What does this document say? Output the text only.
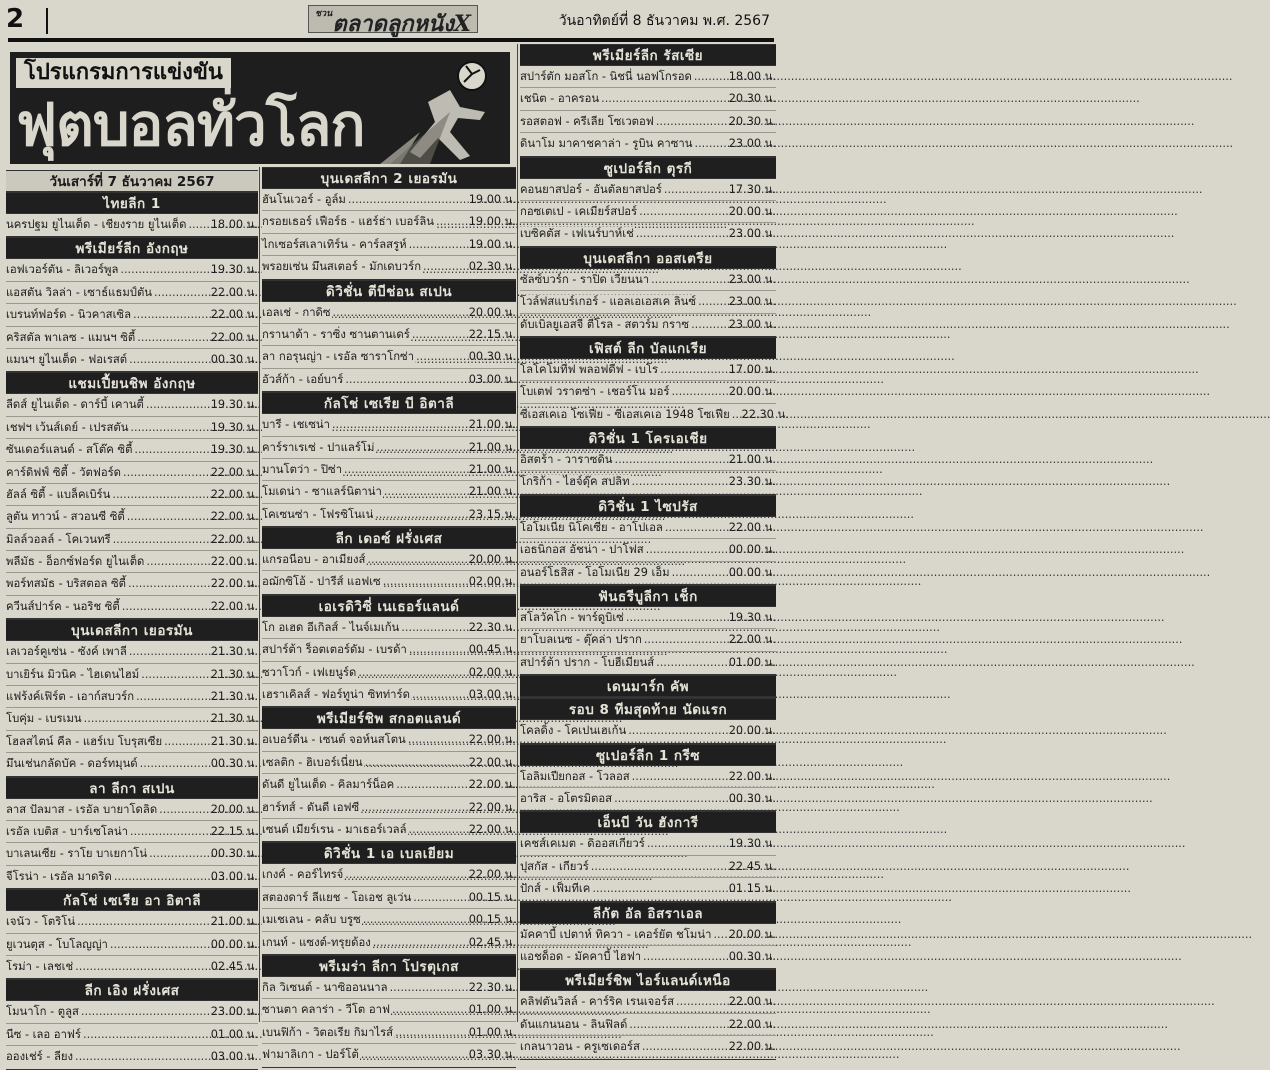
2	$^{ชวน}$ตลาดลูกหนังX	วันอาทิตย์ที่ 8 ธันวาคม พ.ศ. 2567
โปรแกรมการแข่งขัน
ฟุตบอลทั่วโลก
วันเสาร์ที่ 7 ธันวาคม 2567
ไทยลีก 1
นครปฐม ยูไนเต็ด - เชียงราย ยูไนเต็ด .....	18.00 น.
พรีเมียร์ลีก อังกฤษ
เอฟเวอร์ตัน - ลิเวอร์พูล .....	19.30 น.
แอสตัน วิลล่า - เซาธ์แธมป์ตัน .....	22.00 น.
เบรนท์ฟอร์ด - นิวคาสเซิล .....	22.00 น.
คริสตัล พาเลซ - แมนฯ ซิตี้ .....	22.00 น.
แมนฯ ยูไนเต็ด - ฟอเรสต์ .....	00.30 น.
แชมเปี้ยนชิพ อังกฤษ
ลีดส์ ยูไนเต็ด - ดาร์บี้ เคานตี้ .....	19.30 น.
เชฟฯ เว้นส์เดย์ - เปรสตัน .....	19.30 น.
ซันเดอร์แลนด์ - สโต๊ค ซิตี้ .....	19.30 น.
คาร์ดิฟฟ์ ซิตี้ - วัตฟอร์ด .....	22.00 น.
ฮัลล์ ซิตี้ - แบล็คเบิร์น .....	22.00 น.
ลูตัน ทาวน์ - สวอนซี ซิตี้ .....	22.00 น.
มิลล์วอลล์ - โคเวนทรี .....	22.00 น.
พลีมัธ - อ็อกซ์ฟอร์ด ยูไนเต็ด .....	22.00 น.
พอร์ทสมัธ - บริสตอล ซิตี้ .....	22.00 น.
ควีนส์ปาร์ค - นอริช ซิตี้ .....	22.00 น.
บุนเดสลีกา เยอรมัน
เลเวอร์คูเซ่น - ซังค์ เพาลี .....	21.30 น.
บาเยิร์น มิวนิค - ไฮเดนไฮม์ .....	21.30 น.
แฟร้งค์เฟิร์ต - เอาก์สบวร์ก .....	21.30 น.
โบคุ่ม - เบรเมน .....	21.30 น.
โฮลสไตน์ คีล - แฮร์เบ โบรุสเซีย .....	21.30 น.
มึนเช่นกลัดบัค - ดอร์ทมุนด์ .....	00.30 น.
ลา ลีกา สเปน
ลาส ปัลมาส - เรอัล บายาโดลิด .....	20.00 น.
เรอัล เบติส - บาร์เซโลน่า .....	22.15 น.
บาเลนเซีย - ราโย บาเยกาโน่ .....	00.30 น.
จีโรน่า - เรอัล มาดริด .....	03.00 น.
กัลโช่ เซเรีย อา อิตาลี
เจนัว - โตริโน่ .....	21.00 น.
ยูเวนตุส - โบโลญญ่า .....	00.00 น.
โรม่า - เลชเช่ .....	02.45 น.
ลีก เอิง ฝรั่งเศส
โมนาโก - ตูลูส .....	23.00 น.
นีซ - เลอ อาฟร์ .....	01.00 น.
อองเช่ร์ - ลียง .....	03.00 น.
บุนเดสลีกา 2 เยอรมัน
ฮันโนเวอร์ - อูล์ม .....	19.00 น.
กรอยเธอร์ เฟือร์ธ - แฮร์ธ่า เบอร์ลิน .....	19.00 น.
ไกเซอร์สเลาเทิร์น - คาร์ลสรูห์ .....	19.00 น.
พรอยเซ่น มึนสเตอร์ - มักเดบวร์ก .....	02.30 น.
ดิวิชั่น ตีบีช่อน สเปน
เอลเช่ - กาดิซ .....	20.00 น.
กรานาด้า - ราซิ่ง ซานตานเดร์ .....	22.15 น.
ลา กอรุนญ่า - เรอัล ซาราโกซ่า .....	00.30 น.
อัวส์ก้า - เอย์บาร์ .....	03.00 น.
กัลโช่ เซเรีย บี อิตาลี
บารี - เชเซน่า .....	21.00 น.
คาร์ราเรเซ่ - ปาแลร์โม่ .....	21.00 น.
มานโตว่า - ปิซ่า .....	21.00 น.
โมเดน่า - ซาแลร์นิตาน่า .....	21.00 น.
โคเซนซ่า - โฟรซิโนเน่ .....	23.15 น.
ลีก เดอซ์ ฝรั่งเศส
แกรอนีอบ - อาเมียงส์ .....	20.00 น.
อฌักซิโอ้ - ปารีส์ แอฟเซ .....	02.00 น.
เอเรดิวิซี่ เนเธอร์แลนด์
โก อเฮด อีเกิลส์ - ไนจ์เมเก้น .....	22.30 น.
สปาร์ต้า ร็อตเตอร์ดัม - เบรด้า .....	00.45 น.
ซวาโวก์ - เฟเยนูร์ด .....	02.00 น.
เฮราเคิลส์ - ฟอร์ทูน่า ซิทท่าร์ด .....	03.00 น.
พรีเมียร์ชิพ สกอตแลนด์
อเบอร์ดีน - เซนต์ จอห์นสโตน .....	22.00 น.
เซลติก - ฮิเบอร์เนี่ยน .....	22.00 น.
ดันดี ยูไนเต็ด - คิลมาร์น็อค .....	22.00 น.
ฮาร์ทส์ - ดันดี เอฟซี .....	22.00 น.
เซนต์ เมียร์เรน - มาเธอร์เวลล์ .....	22.00 น.
ดิวิชั่น 1 เอ เบลเยียม
เกงค์ - คอร์ไทรจ์ .....	22.00 น.
สตองดาร์ ลีแยช - โอเอช ลูเว่น .....	00.15 น.
เมเชเลน - คลับ บรูซ .....	00.15 น.
เกนท์ - แซงต์-ทรุยด้อง .....	02.45 น.
พรีเมร่า ลีกา โปรตุเกส
กิล วิเซนต์ - นาซิออนนาล .....	22.30 น.
ซานตา คลาร่า - วีโต อาฟ .....	01.00 น.
เบนฟิก้า - วิตอเรีย กิมาไรส์ .....	01.00 น.
ฟามาลิเกา - ปอร์โต้ .....	03.30 น.
พรีเมียร์ลีก รัสเซีย
สปาร์ตัก มอสโก - นิชนี่ นอฟโกรอด .....	18.00 น.
เชนิต - อาครอน .....	20.30 น.
รอสตอฟ - ครีเลีย โซเวตอฟ .....	20.30 น.
ดินาโม มาคาชคาล่า - รูบิน คาซาน .....	23.00 น.
ซูเปอร์ลีก ตุรกี
คอนยาสปอร์ - อันตัลยาสปอร์ .....	17.30 น.
กอซเตเป - เคเมียร์สปอร์ .....	20.00 น.
เบซิคตัส - เฟเนร์บาห์เช่ .....	23.00 น.
บุนเดสลีกา ออสเตรีย
ซัลซ์บวร์ก - ราปิด เวียนนา .....	23.00 น.
โวล์ฟสแบร์เกอร์ - แอลเอเอสเค ลินซ์ .....	23.00 น.
ดับเบิลยูเอสจี ตีโรล - สตวร์ม กราซ .....	23.00 น.
เฟิสต์ ลีก บัลแกเรีย
โลโคโมทีฟ พลอฟดีฟ - เบโร .....	17.00 น.
โบเตฟ วราตซ่า - เชอร์โน มอร์ .....	20.00 น.
ซีเอสเคเอ โซเฟีย - ซีเอสเคเอ 1948 โซเฟีย .....	22.30 น.
ดิวิชั่น 1 โครเอเชีย
อิสตร้า - วาราซดิน .....	21.00 น.
โกริก้า - ไฮจ์ดุ๊ค สปลิท .....	23.30 น.
ดิวิชั่น 1 ไซปรัส
โอโมเนีย นิโคเซีย - อาโปเอล .....	22.00 น.
เอธนิกอส อัชน่า - ปาโฟส .....	00.00 น.
อนอร์โธสิส - โอโมเนีย 29 เอ็ม .....	00.00 น.
ฟันธรีบูลีกา เช็ก
สโลวัคโก - พาร์ดูบิเซ่ .....	19.30 น.
ยาโบลเนซ - ตุ๊คล่า ปราก .....	22.00 น.
สปาร์ต้า ปราก - โบฮีเมียนส์ .....	01.00 น.
เดนมาร์ก คัพ
รอบ 8 ทีมสุดท้าย นัดแรก
โคลดิ้ง - โคเปนเฮเก้น .....	20.00 น.
ซูเปอร์ลีก 1 กรีซ
โอลิมเปียกอส - โวลอส .....	22.00 น.
อาริส - อโตรมิตอส .....	00.30 น.
เอ็นบี วัน ฮังการี
เคชส์เคเมต - ดิออสเกียวร์ .....	19.30 น.
ปุสกัส - เกียวร์ .....	22.45 น.
ปักส์ - เฟ็มทีเค .....	01.15 น.
ลีกัต อัล อิสราเอล
มัคคาบี้ เปตาห์ ทิควา - เคอร์ยัต ชโมน่า .....	20.00 น.
แอชด็อด - มัคคาบี้ ไฮฟา .....	00.30 น.
พรีเมียร์ชิพ ไอร์แลนด์เหนือ
คลิฟตันวิลล์ - คาร์ริค เรนเจอร์ส .....	22.00 น.
ดันแกนนอน - ลินฟิลด์ .....	22.00 น.
เกลนาวอน - ครูเซเดอร์ส .....	22.00 น.
